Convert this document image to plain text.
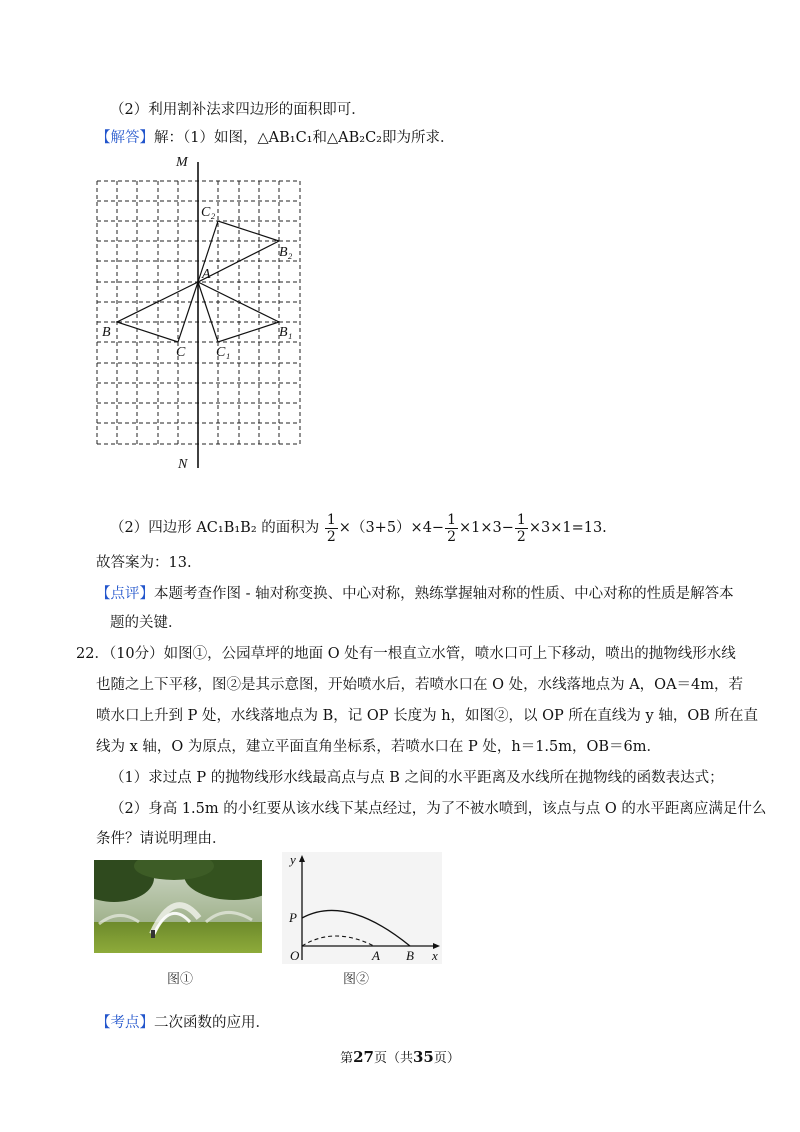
（2）利用割补法求四边形的面积即可．
【解答】解：（1）如图，△AB₁C₁和△AB₂C₂即为所求．
M
N
A
B
C
B₁
C₁
B₂
C₂
（2）四边形 AC₁B₁B₂ 的面积为 $\frac{1}{2} \times(3+5)\times 4- \frac{1}{2} \times 1\times 3- \frac{1}{2} \times 3\times 1=13$.
故答案为：13.
【点评】本题考查作图 - 轴对称变换、中心对称，熟练掌握轴对称的性质、中心对称的性质是解答本
题的关键．
22．（10分）如图①，公园草坪的地面 O 处有一根直立水管，喷水口可上下移动，喷出的抛物线形水线
也随之上下平移，图②是其示意图，开始喷水后，若喷水口在 O 处，水线落地点为 A，OA＝4m，若
喷水口上升到 P 处，水线落地点为 B，记 OP 长度为 h，如图②，以 OP 所在直线为 y 轴，OB 所在直
线为 x 轴，O 为原点，建立平面直角坐标系，若喷水口在 P 处，h＝1.5m，OB＝6m．
（1）求过点 P 的抛物线形水线最高点与点 B 之间的水平距离及水线所在抛物线的函数表达式；
（2）身高 1.5m 的小红要从该水线下某点经过，为了不被水喷到，该点与点 O 的水平距离应满足什么
条件？请说明理由．
图①
y
x
P
O	A B
图②
【考点】二次函数的应用．
第27页（共35页）
